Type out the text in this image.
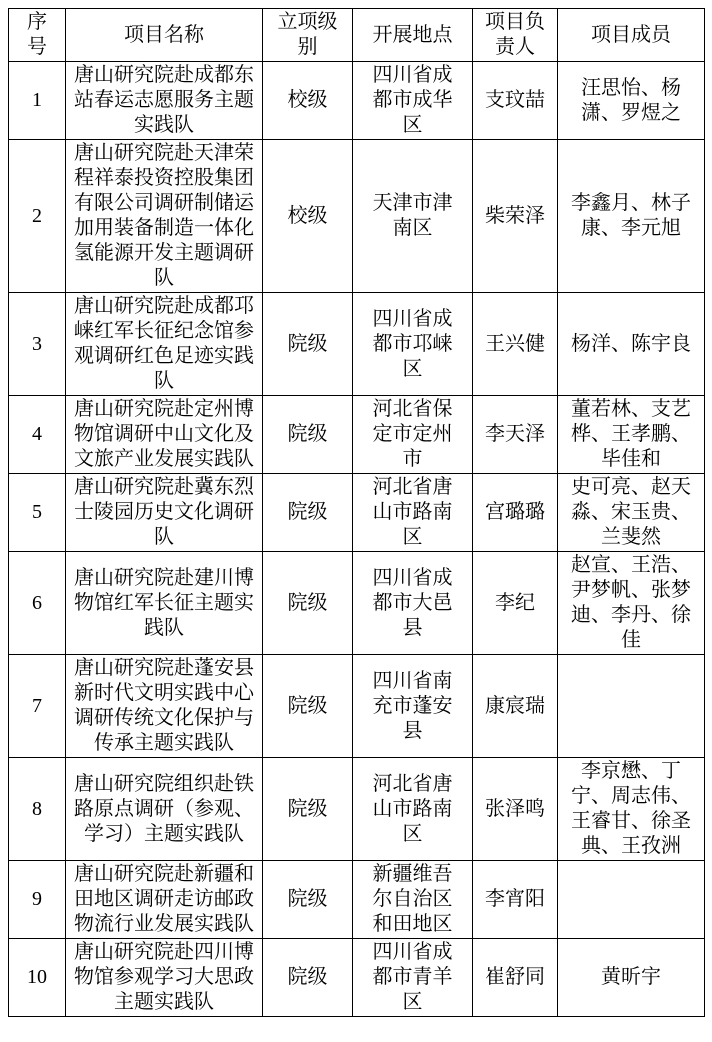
序号	项目名称	立项级别	开展地点	项目负责人	项目成员
1	唐山研究院赴成都东站春运志愿服务主题实践队	校级	四川省成都市成华区	支玟喆	汪思怡、杨潇、罗煜之
2	唐山研究院赴天津荣程祥泰投资控股集团有限公司调研制储运加用装备制造一体化氢能源开发主题调研队	校级	天津市津南区	柴荣泽	李鑫月、林子康、李元旭
3	唐山研究院赴成都邛崃红军长征纪念馆参观调研红色足迹实践队	院级	四川省成都市邛崃区	王兴健	杨洋、陈宇良
4	唐山研究院赴定州博物馆调研中山文化及文旅产业发展实践队	院级	河北省保定市定州市	李天泽	董若林、支艺桦、王孝鹏、毕佳和
5	唐山研究院赴冀东烈士陵园历史文化调研队	院级	河北省唐山市路南区	宫璐璐	史可亮、赵天淼、宋玉贵、兰斐然
6	唐山研究院赴建川博物馆红军长征主题实践队	院级	四川省成都市大邑县	李纪	赵宣、王浩、尹梦帆、张梦迪、李丹、徐佳
7	唐山研究院赴蓬安县新时代文明实践中心调研传统文化保护与传承主题实践队	院级	四川省南充市蓬安县	康宸瑞	
8	唐山研究院组织赴铁路原点调研（参观、学习）主题实践队	院级	河北省唐山市路南区	张泽鸣	李京懋、丁宁、周志伟、王睿甘、徐圣典、王孜洲
9	唐山研究院赴新疆和田地区调研走访邮政物流行业发展实践队	院级	新疆维吾尔自治区和田地区	李宵阳	
10	唐山研究院赴四川博物馆参观学习大思政主题实践队	院级	四川省成都市青羊区	崔舒同	黄昕宇
